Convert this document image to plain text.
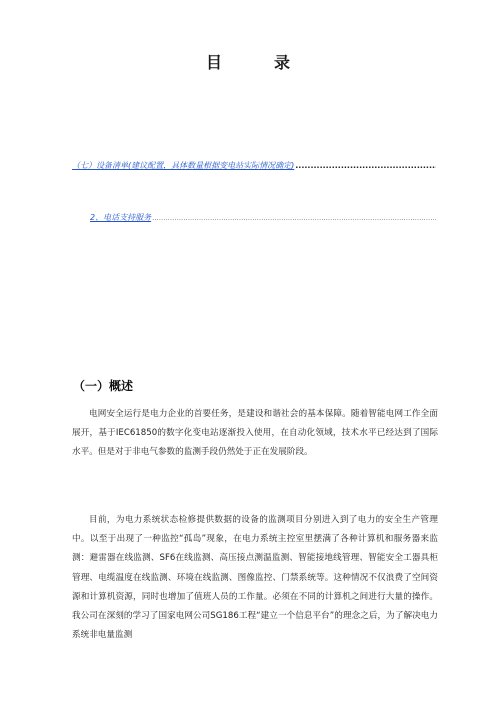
目	录
（七）设备清单(建议配置，具体数量根据变电站实际情况确定)
.....
2、电话支持服务
.....
（一）概述

电网安全运行是电力企业的首要任务，是建设和谐社会的基本保障。随着智能电网工作全面展开，基于IEC61850的数字化变电站逐渐投入使用，在自动化领域，技术水平已经达到了国际水平。但是对于非电气参数的监测手段仍然处于正在发展阶段。

目前，为电力系统状态检修提供数据的设备的监测项目分别进入到了电力的安全生产管理中。以至于出现了一种监控“孤岛”现象，在电力系统主控室里摆满了各种计算机和服务器来监测：避雷器在线监测、SF6在线监测、高压接点测温监测、智能接地线管理、智能安全工器具柜管理、电缆温度在线监测、环境在线监测、图像监控、门禁系统等。这种情况不仅浪费了空间资源和计算机资源，同时也增加了值班人员的工作量。必须在不同的计算机之间进行大量的操作。我公司在深刻的学习了国家电网公司SG186工程“建立一个信息平台”的理念之后，为了解决电力系统非电量监测
